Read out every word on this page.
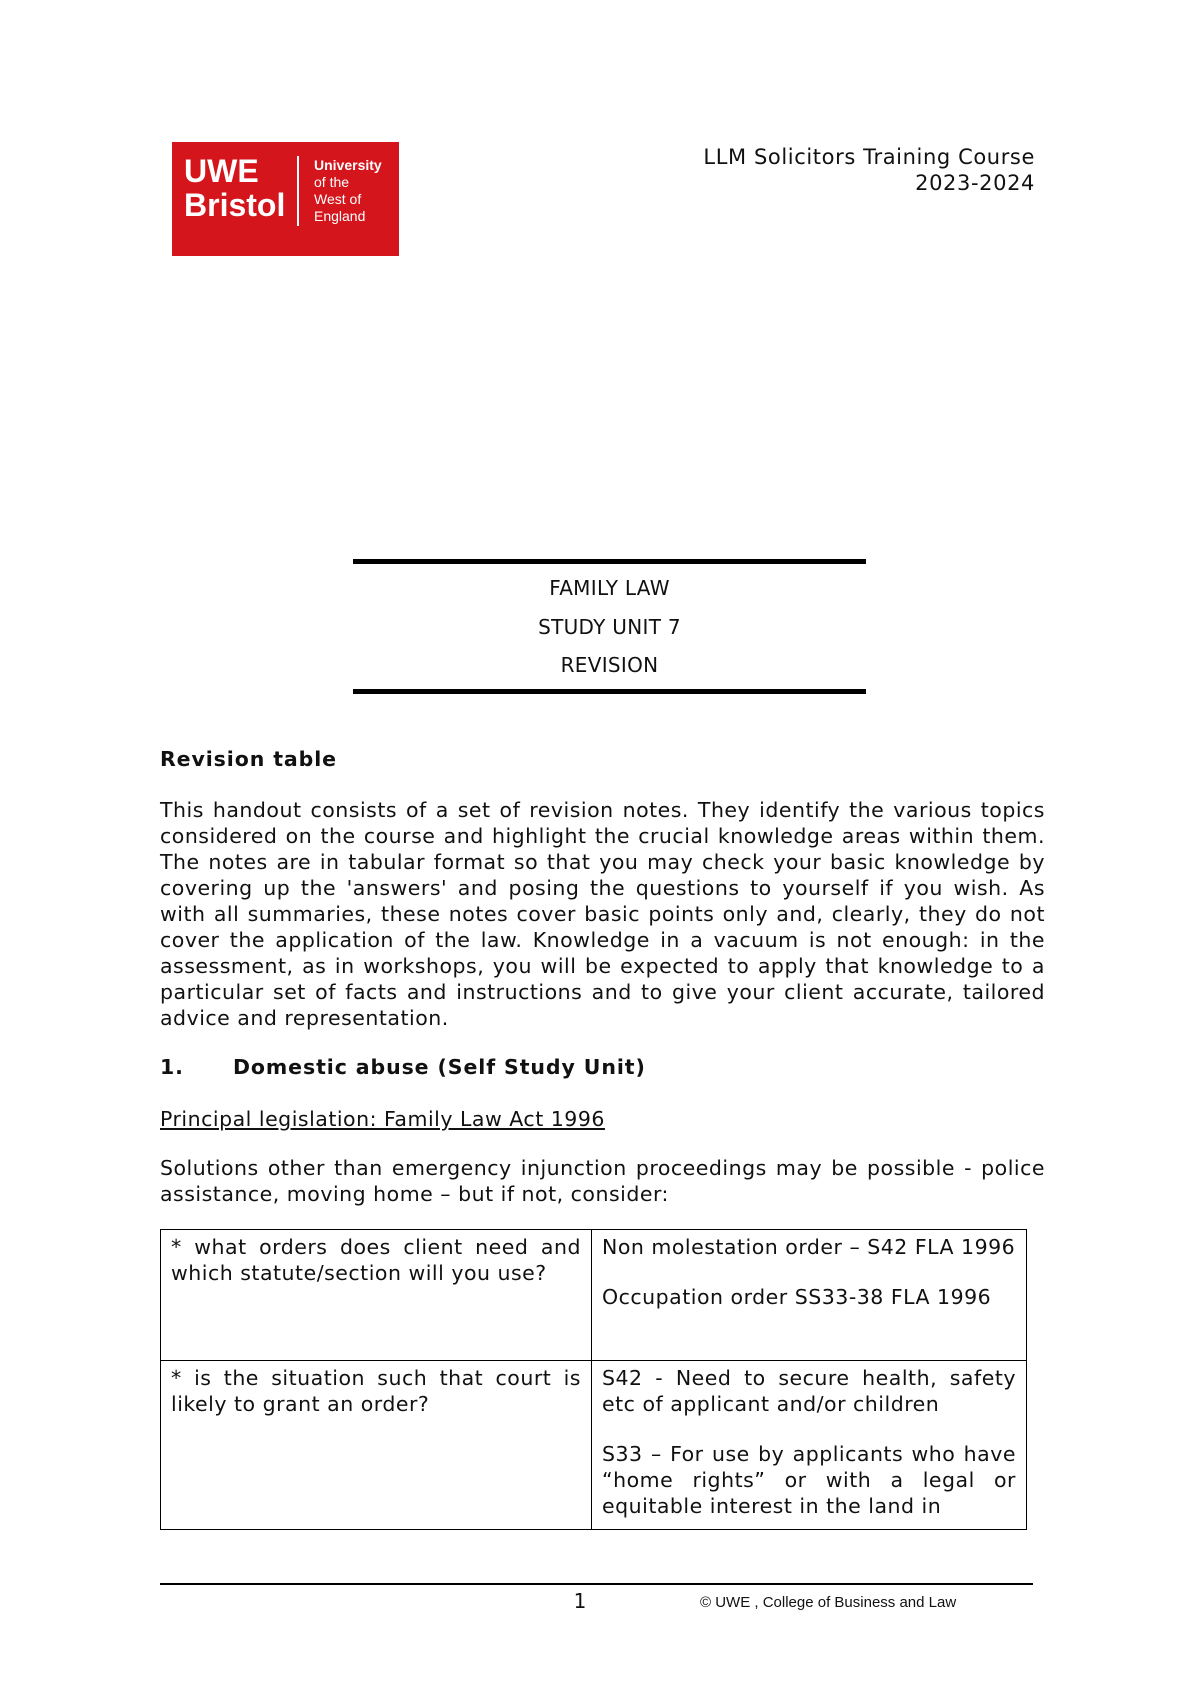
UWE
Bristol
University
of the
West of
England
LLM Solicitors Training Course
2023-2024
FAMILY LAW
STUDY UNIT 7
REVISION
Revision table
This handout consists of a set of revision notes. They identify the various topics considered on the course and highlight the crucial knowledge areas within them. The notes are in tabular format so that you may check your basic knowledge by covering up the 'answers' and posing the questions to yourself if you wish. As with all summaries, these notes cover basic points only and, clearly, they do not cover the application of the law. Knowledge in a vacuum is not enough: in the assessment, as in workshops, you will be expected to apply that knowledge to a particular set of facts and instructions and to give your client accurate, tailored advice and representation.
1. Domestic abuse (Self Study Unit)
Principal legislation: Family Law Act 1996
Solutions other than emergency injunction proceedings may be possible - police assistance, moving home – but if not, consider:

* what orders does client need and which statute/section will you use?	Non molestation order – S42 FLA 1996

Occupation order SS33-38 FLA 1996

* is the situation such that court is likely to grant an order?	S42 - Need to secure health, safety etc of applicant and/or children

S33 – For use by applicants who have “home rights” or with a legal or equitable interest in the land in

1	© UWE , College of Business and Law
